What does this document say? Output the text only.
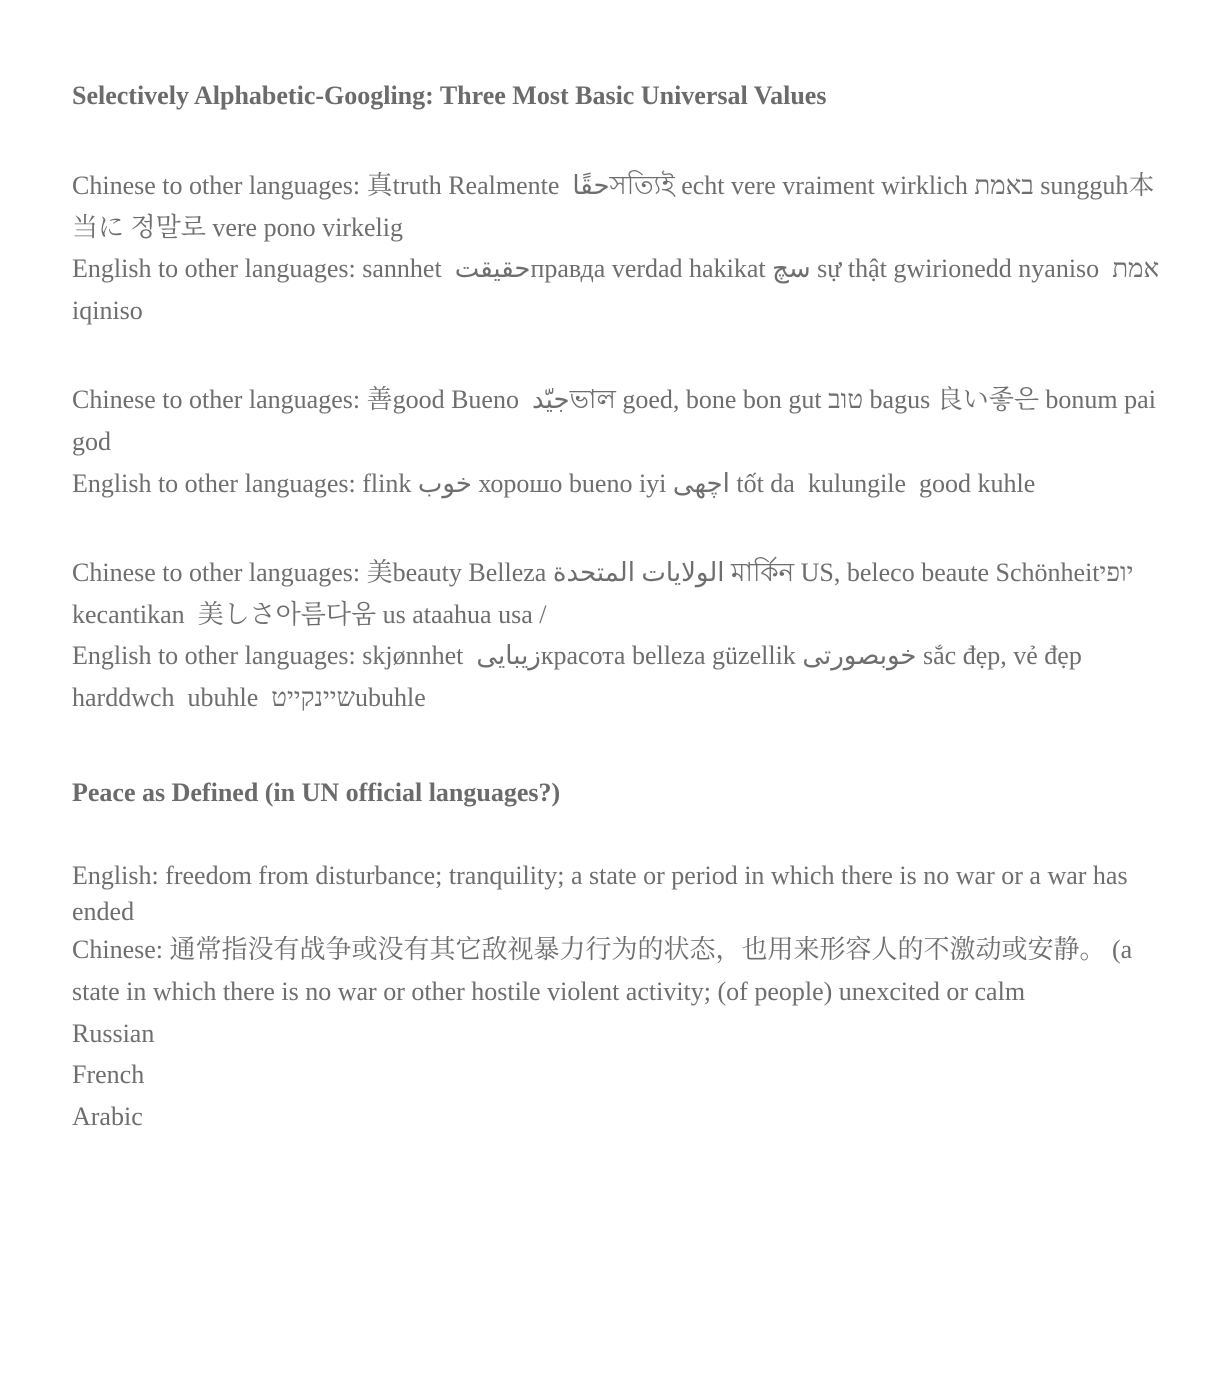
Selectively Alphabetic-Googling: Three Most Basic Universal Values

Chinese to other languages: 真truth Realmente  حقًاসত্যিই echt vere vraiment wirklich באמת sungguh本当に 정말로 vere pono virkelig

English to other languages: sannhet  حقيقتправда verdad hakikat سچ sự thật gwirionedd nyaniso  אמת iqiniso

Chinese to other languages: 善good Bueno  جيّدভাল goed, bone bon gut טוב bagus 良い좋은 bonum pai god

English to other languages: flink خوب хорошо bueno iyi اچھی tốt da  kulungile  good kuhle

Chinese to other languages: 美beauty Belleza الولايات المتحدة মার্কিন US, beleco beaute Schönheitיופי  kecantikan  美しさ아름다움 us ataahua usa /

English to other languages: skjønnhet  زیباییкрасота belleza güzellik خوبصورتی sắc đẹp, vẻ đẹp  harddwch  ubuhle  שיינקייטubuhle

Peace as Defined (in UN official languages?)

English: freedom from disturbance; tranquility; a state or period in which there is no war or a war has ended

Chinese: 通常指没有战争或没有其它敌视暴力行为的状态，也用来形容人的不激动或安静。 (a state in which there is no war or other hostile violent activity; (of people) unexcited or calm

Russian

French

Arabic
